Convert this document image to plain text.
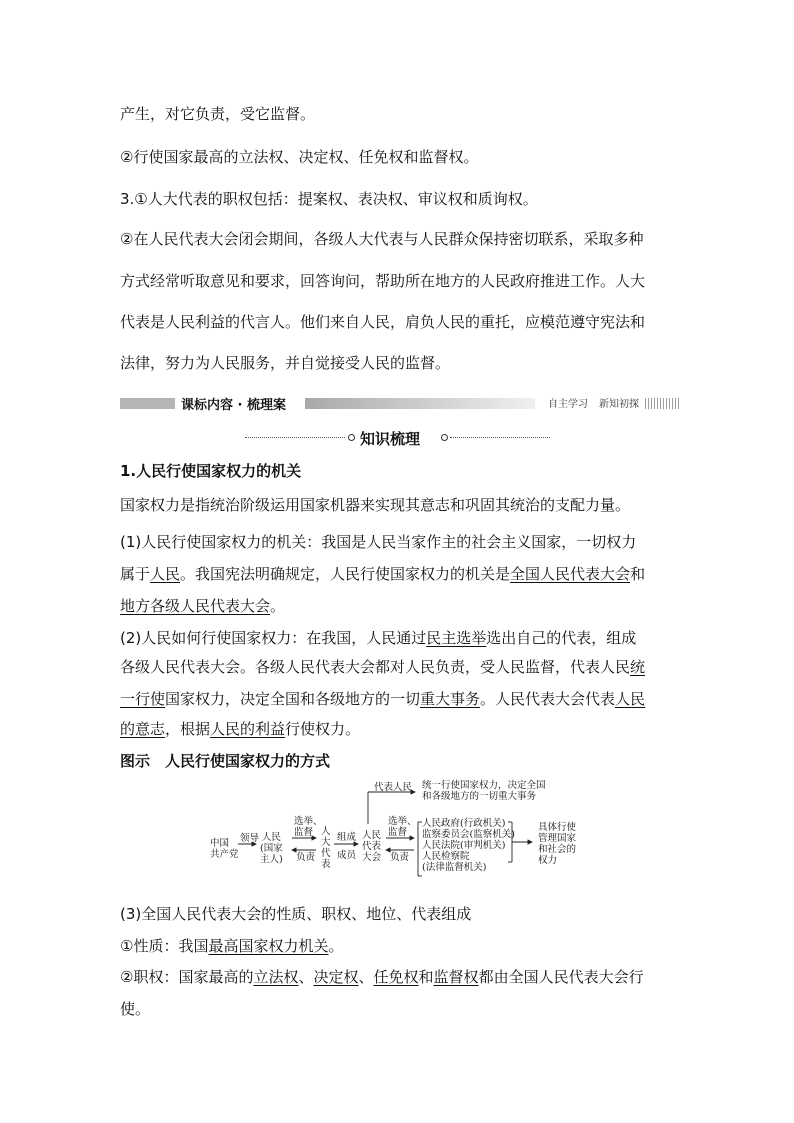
产生，对它负责，受它监督。

②行使国家最高的立法权、决定权、任免权和监督权。

3.①人大代表的职权包括：提案权、表决权、审议权和质询权。

②在人民代表大会闭会期间，各级人大代表与人民群众保持密切联系，采取多种

方式经常听取意见和要求，回答询问，帮助所在地方的人民政府推进工作。人大

代表是人民利益的代言人。他们来自人民，肩负人民的重托，应模范遵守宪法和

法律，努力为人民服务，并自觉接受人民的监督。

课标内容 · 梳理案	自主学习 新知初探
知识梳理

1.人民行使国家权力的机关

国家权力是指统治阶级运用国家机器来实现其意志和巩固其统治的支配力量。

(1)人民行使国家权力的机关：我国是人民当家作主的社会主义国家，一切权力

属于人民。我国宪法明确规定，人民行使国家权力的机关是全国人民代表大会和

地方各级人民代表大会。

(2)人民如何行使国家权力：在我国，人民通过民主选举选出自己的代表，组成

各级人民代表大会。各级人民代表大会都对人民负责，受人民监督，代表人民统

一行使国家权力，决定全国和各级地方的一切重大事务。人民代表大会代表人民

的意志，根据人民的利益行使权力。

图示　人民行使国家权力的方式

中国
共产党
领导 人民
(国家
主人)
选举、
监督
负责
人
大
代
表
组成
成员
人民
代表
大会
代表人民 统一行使国家权力，决定全国
和各级地方的一切重大事务
选举、
监督
负责
人民政府(行政机关)
监察委员会(监察机关)
人民法院(审判机关)
人民检察院
(法律监督机关)
具体行使
管理国家
和社会的
权力

(3)全国人民代表大会的性质、职权、地位、代表组成

①性质：我国最高国家权力机关。

②职权：国家最高的立法权、决定权、任免权和监督权都由全国人民代表大会行

使。
